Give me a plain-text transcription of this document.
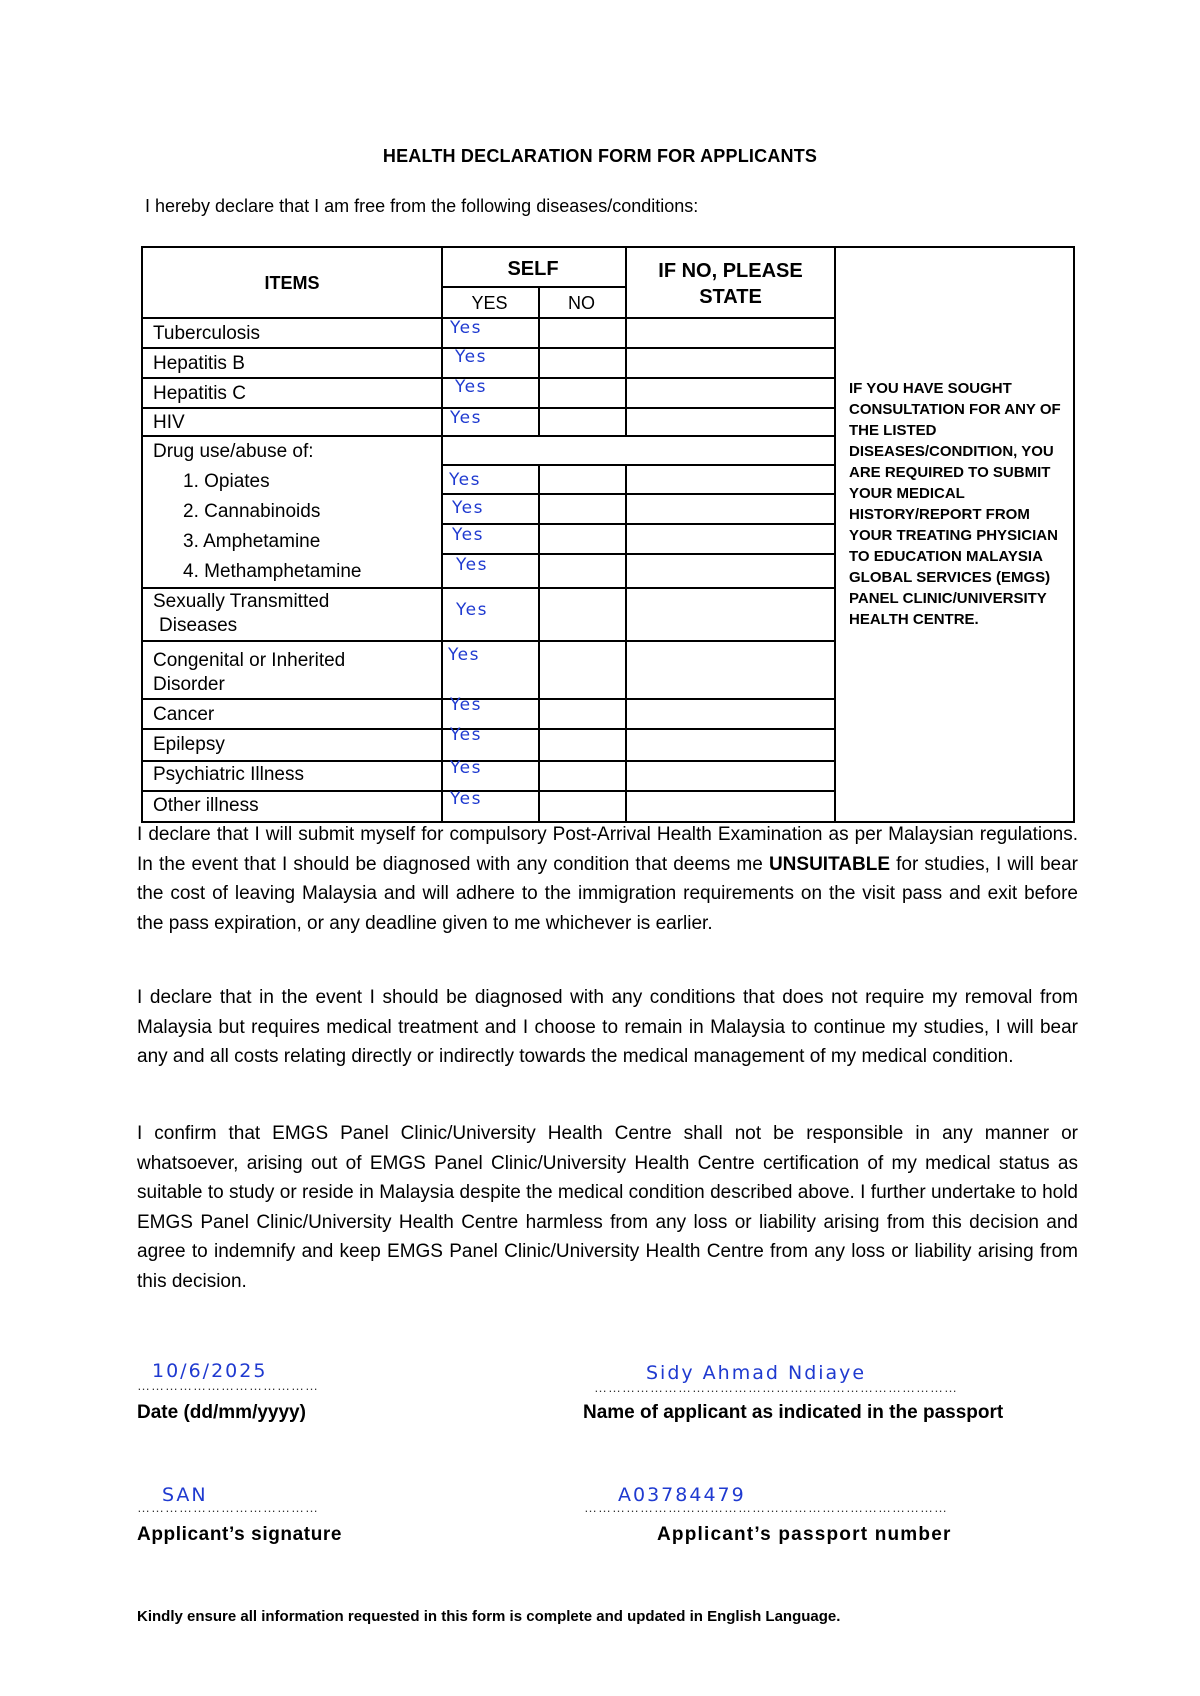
HEALTH DECLARATION FORM FOR APPLICANTS
I hereby declare that I am free from the following diseases/conditions:
ITEMS
SELF
YES	NO
IF NO, PLEASE
STATE
Tuberculosis
Hepatitis B
Hepatitis C
HIV
Drug use/abuse of:
1. Opiates
2. Cannabinoids
3. Amphetamine
4. Methamphetamine
Sexually Transmitted
Diseases
Congenital or Inherited
Disorder
Cancer
Epilepsy
Psychiatric Illness
Other illness
Yes
Yes
Yes
Yes
Yes
Yes
Yes
Yes
Yes
Yes
Yes
Yes
Yes
Yes
IF YOU HAVE SOUGHT CONSULTATION FOR ANY OF THE LISTED DISEASES/CONDITION, YOU ARE REQUIRED TO SUBMIT YOUR MEDICAL HISTORY/REPORT FROM YOUR TREATING PHYSICIAN TO EDUCATION MALAYSIA GLOBAL SERVICES (EMGS) PANEL CLINIC/UNIVERSITY HEALTH CENTRE.
I declare that I will submit myself for compulsory Post-Arrival Health Examination as per Malaysian regulations. In the event that I should be diagnosed with any condition that deems me UNSUITABLE for studies, I will bear the cost of leaving Malaysia and will adhere to the immigration requirements on the visit pass and exit before the pass expiration, or any deadline given to me whichever is earlier.
I declare that in the event I should be diagnosed with any conditions that does not require my removal from Malaysia but requires medical treatment and I choose to remain in Malaysia to continue my studies, I will bear any and all costs relating directly or indirectly towards the medical management of my medical condition.
I confirm that EMGS Panel Clinic/University Health Centre shall not be responsible in any manner or whatsoever, arising out of EMGS Panel Clinic/University Health Centre certification of my medical status as suitable to study or reside in Malaysia despite the medical condition described above. I further undertake to hold EMGS Panel Clinic/University Health Centre harmless from any loss or liability arising from this decision and agree to indemnify and keep EMGS Panel Clinic/University Health Centre from any loss or liability arising from this decision.
10/6/2025
…………………………………
Date (dd/mm/yyyy)
Sidy Ahmad Ndiaye
……………………………………………………………………
Name of applicant as indicated in the passport
SAN
…………………………………
Applicant’s signature
A03784479
……………………………………………………………………
Applicant’s passport number
Kindly ensure all information requested in this form is complete and updated in English Language.
